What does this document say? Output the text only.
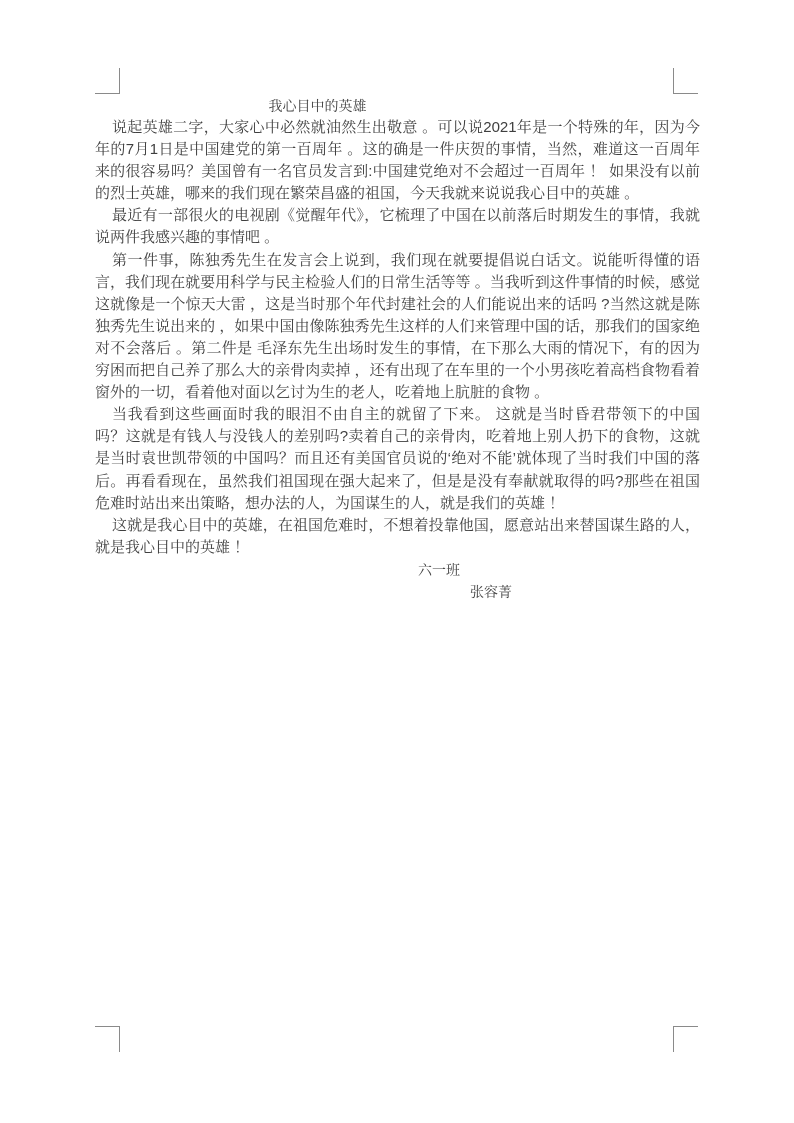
我心目中的英雄

说起英雄二字，大家心中必然就油然生出敬意 。可以说2021年是一个特殊的年，因为今年的7月1日是中国建党的第一百周年 。这的确是一件庆贺的事情，当然，难道这一百周年来的很容易吗？美国曾有一名官员发言到:中国建党绝对不会超过一百周年 ！ 如果没有以前的烈士英雄，哪来的我们现在繁荣昌盛的祖国，今天我就来说说我心目中的英雄 。

最近有一部很火的电视剧《觉醒年代》，它梳理了中国在以前落后时期发生的事情，我就说两件我感兴趣的事情吧 。

第一件事，陈独秀先生在发言会上说到，我们现在就要提倡说白话文。说能听得懂的语言，我们现在就要用科学与民主检验人们的日常生活等等 。当我听到这件事情的时候，感觉这就像是一个惊天大雷 ，这是当时那个年代封建社会的人们能说出来的话吗 ?当然这就是陈独秀先生说出来的 ，如果中国由像陈独秀先生这样的人们来管理中国的话，那我们的国家绝对不会落后 。第二件是 毛泽东先生出场时发生的事情，在下那么大雨的情况下，有的因为穷困而把自己养了那么大的亲骨肉卖掉 ，还有出现了在车里的一个小男孩吃着高档食物看着窗外的一切，看着他对面以乞讨为生的老人，吃着地上肮脏的食物 。

当我看到这些画面时我的眼泪不由自主的就留了下来。 这就是当时昏君带领下的中国吗？这就是有钱人与没钱人的差别吗?卖着自己的亲骨肉，吃着地上别人扔下的食物，这就是当时袁世凯带领的中国吗？而且还有美国官员说的‘绝对不能’就体现了当时我们中国的落后。再看看现在，虽然我们祖国现在强大起来了，但是是没有奉献就取得的吗?那些在祖国危难时站出来出策略，想办法的人，为国谋生的人，就是我们的英雄 ！

这就是我心目中的英雄，在祖国危难时，不想着投靠他国，愿意站出来替国谋生路的人，就是我心目中的英雄 ！

六一班

张容菁
